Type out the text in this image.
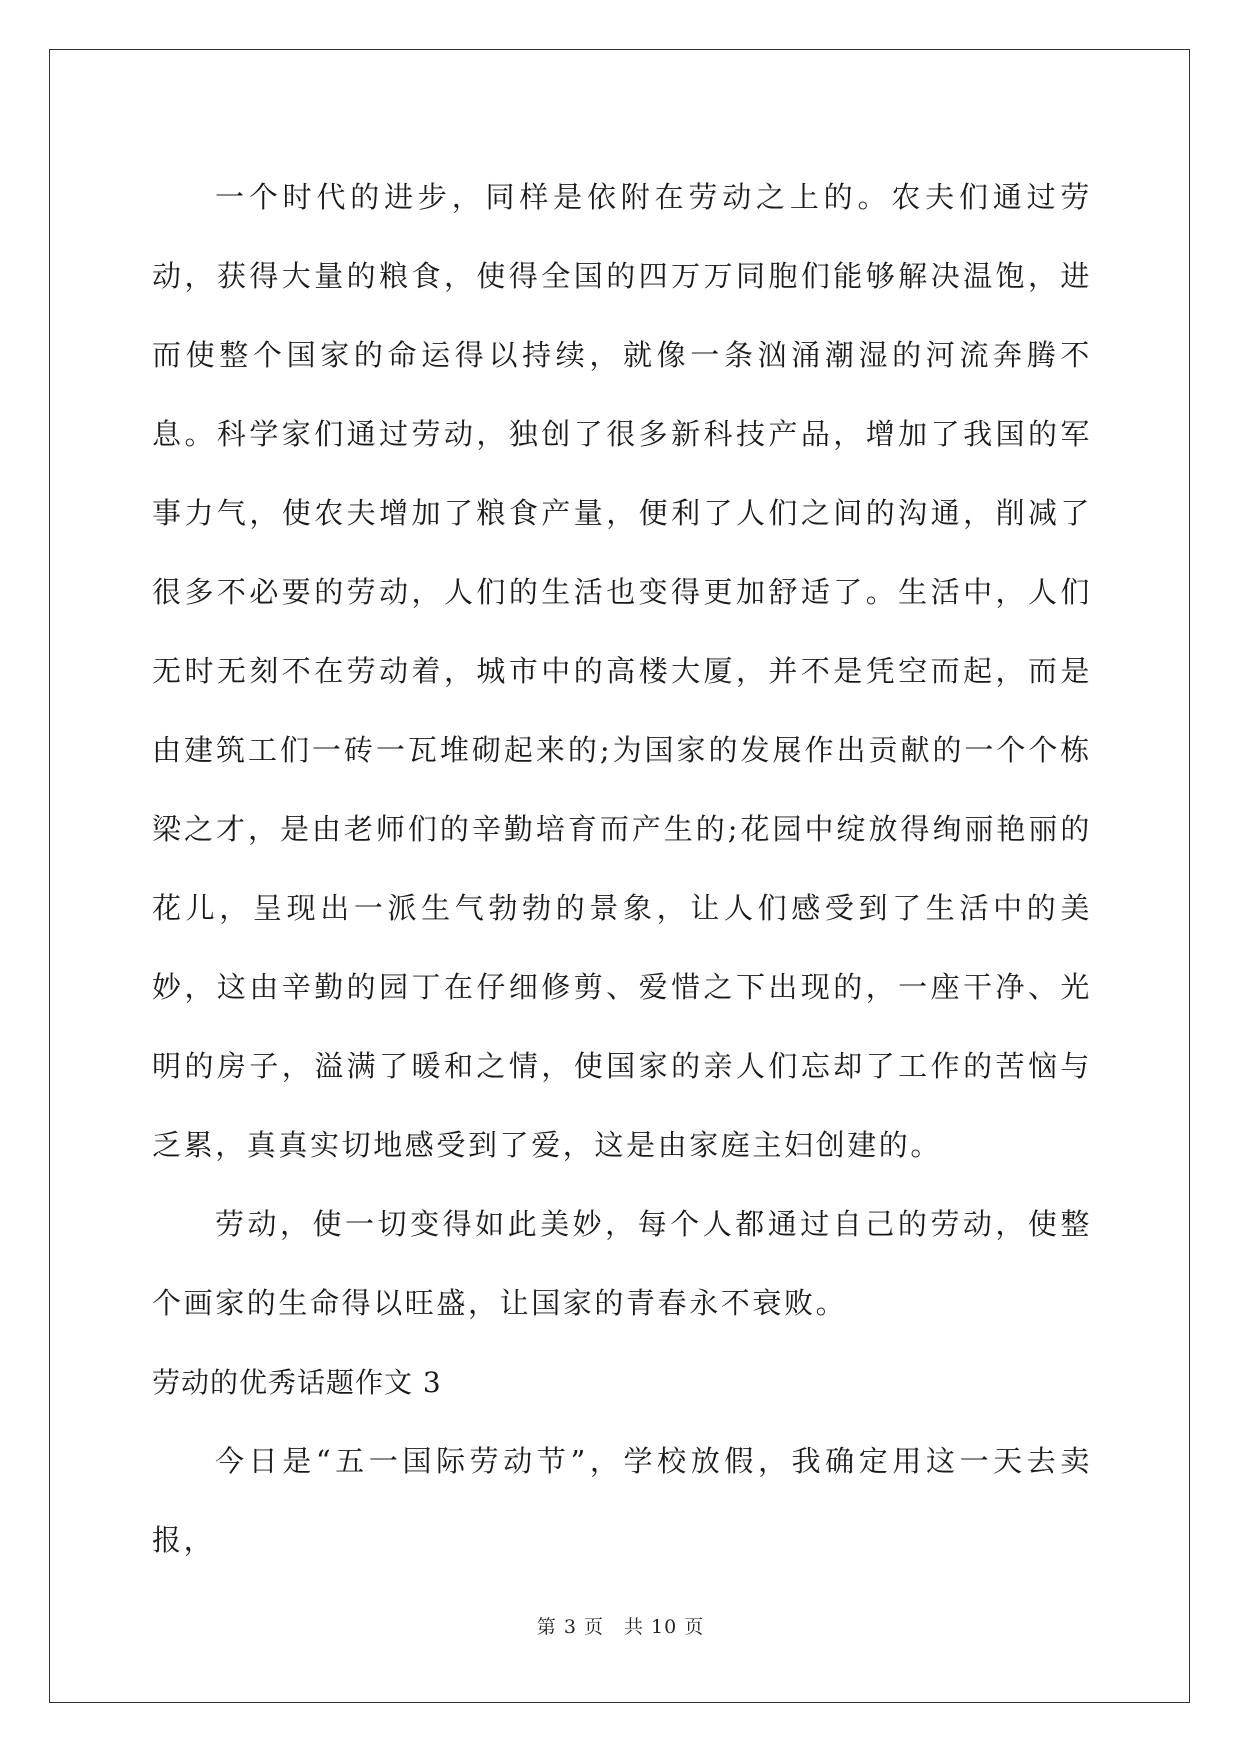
一个时代的进步，同样是依附在劳动之上的。农夫们通过劳动，获得大量的粮食，使得全国的四万万同胞们能够解决温饱，进而使整个国家的命运得以持续，就像一条汹涌潮湿的河流奔腾不息。科学家们通过劳动，独创了很多新科技产品，增加了我国的军事力气，使农夫增加了粮食产量，便利了人们之间的沟通，削减了很多不必要的劳动，人们的生活也变得更加舒适了。生活中，人们无时无刻不在劳动着，城市中的高楼大厦，并不是凭空而起，而是由建筑工们一砖一瓦堆砌起来的;为国家的发展作出贡献的一个个栋梁之才，是由老师们的辛勤培育而产生的;花园中绽放得绚丽艳丽的花儿，呈现出一派生气勃勃的景象，让人们感受到了生活中的美妙，这由辛勤的园丁在仔细修剪、爱惜之下出现的，一座干净、光明的房子，溢满了暖和之情，使国家的亲人们忘却了工作的苦恼与乏累，真真实切地感受到了爱，这是由家庭主妇创建的。

劳动，使一切变得如此美妙，每个人都通过自己的劳动，使整个画家的生命得以旺盛，让国家的青春永不衰败。

劳动的优秀话题作文 3

今日是“五一国际劳动节”，学校放假，我确定用这一天去卖报，

第 3 页　共 10 页
